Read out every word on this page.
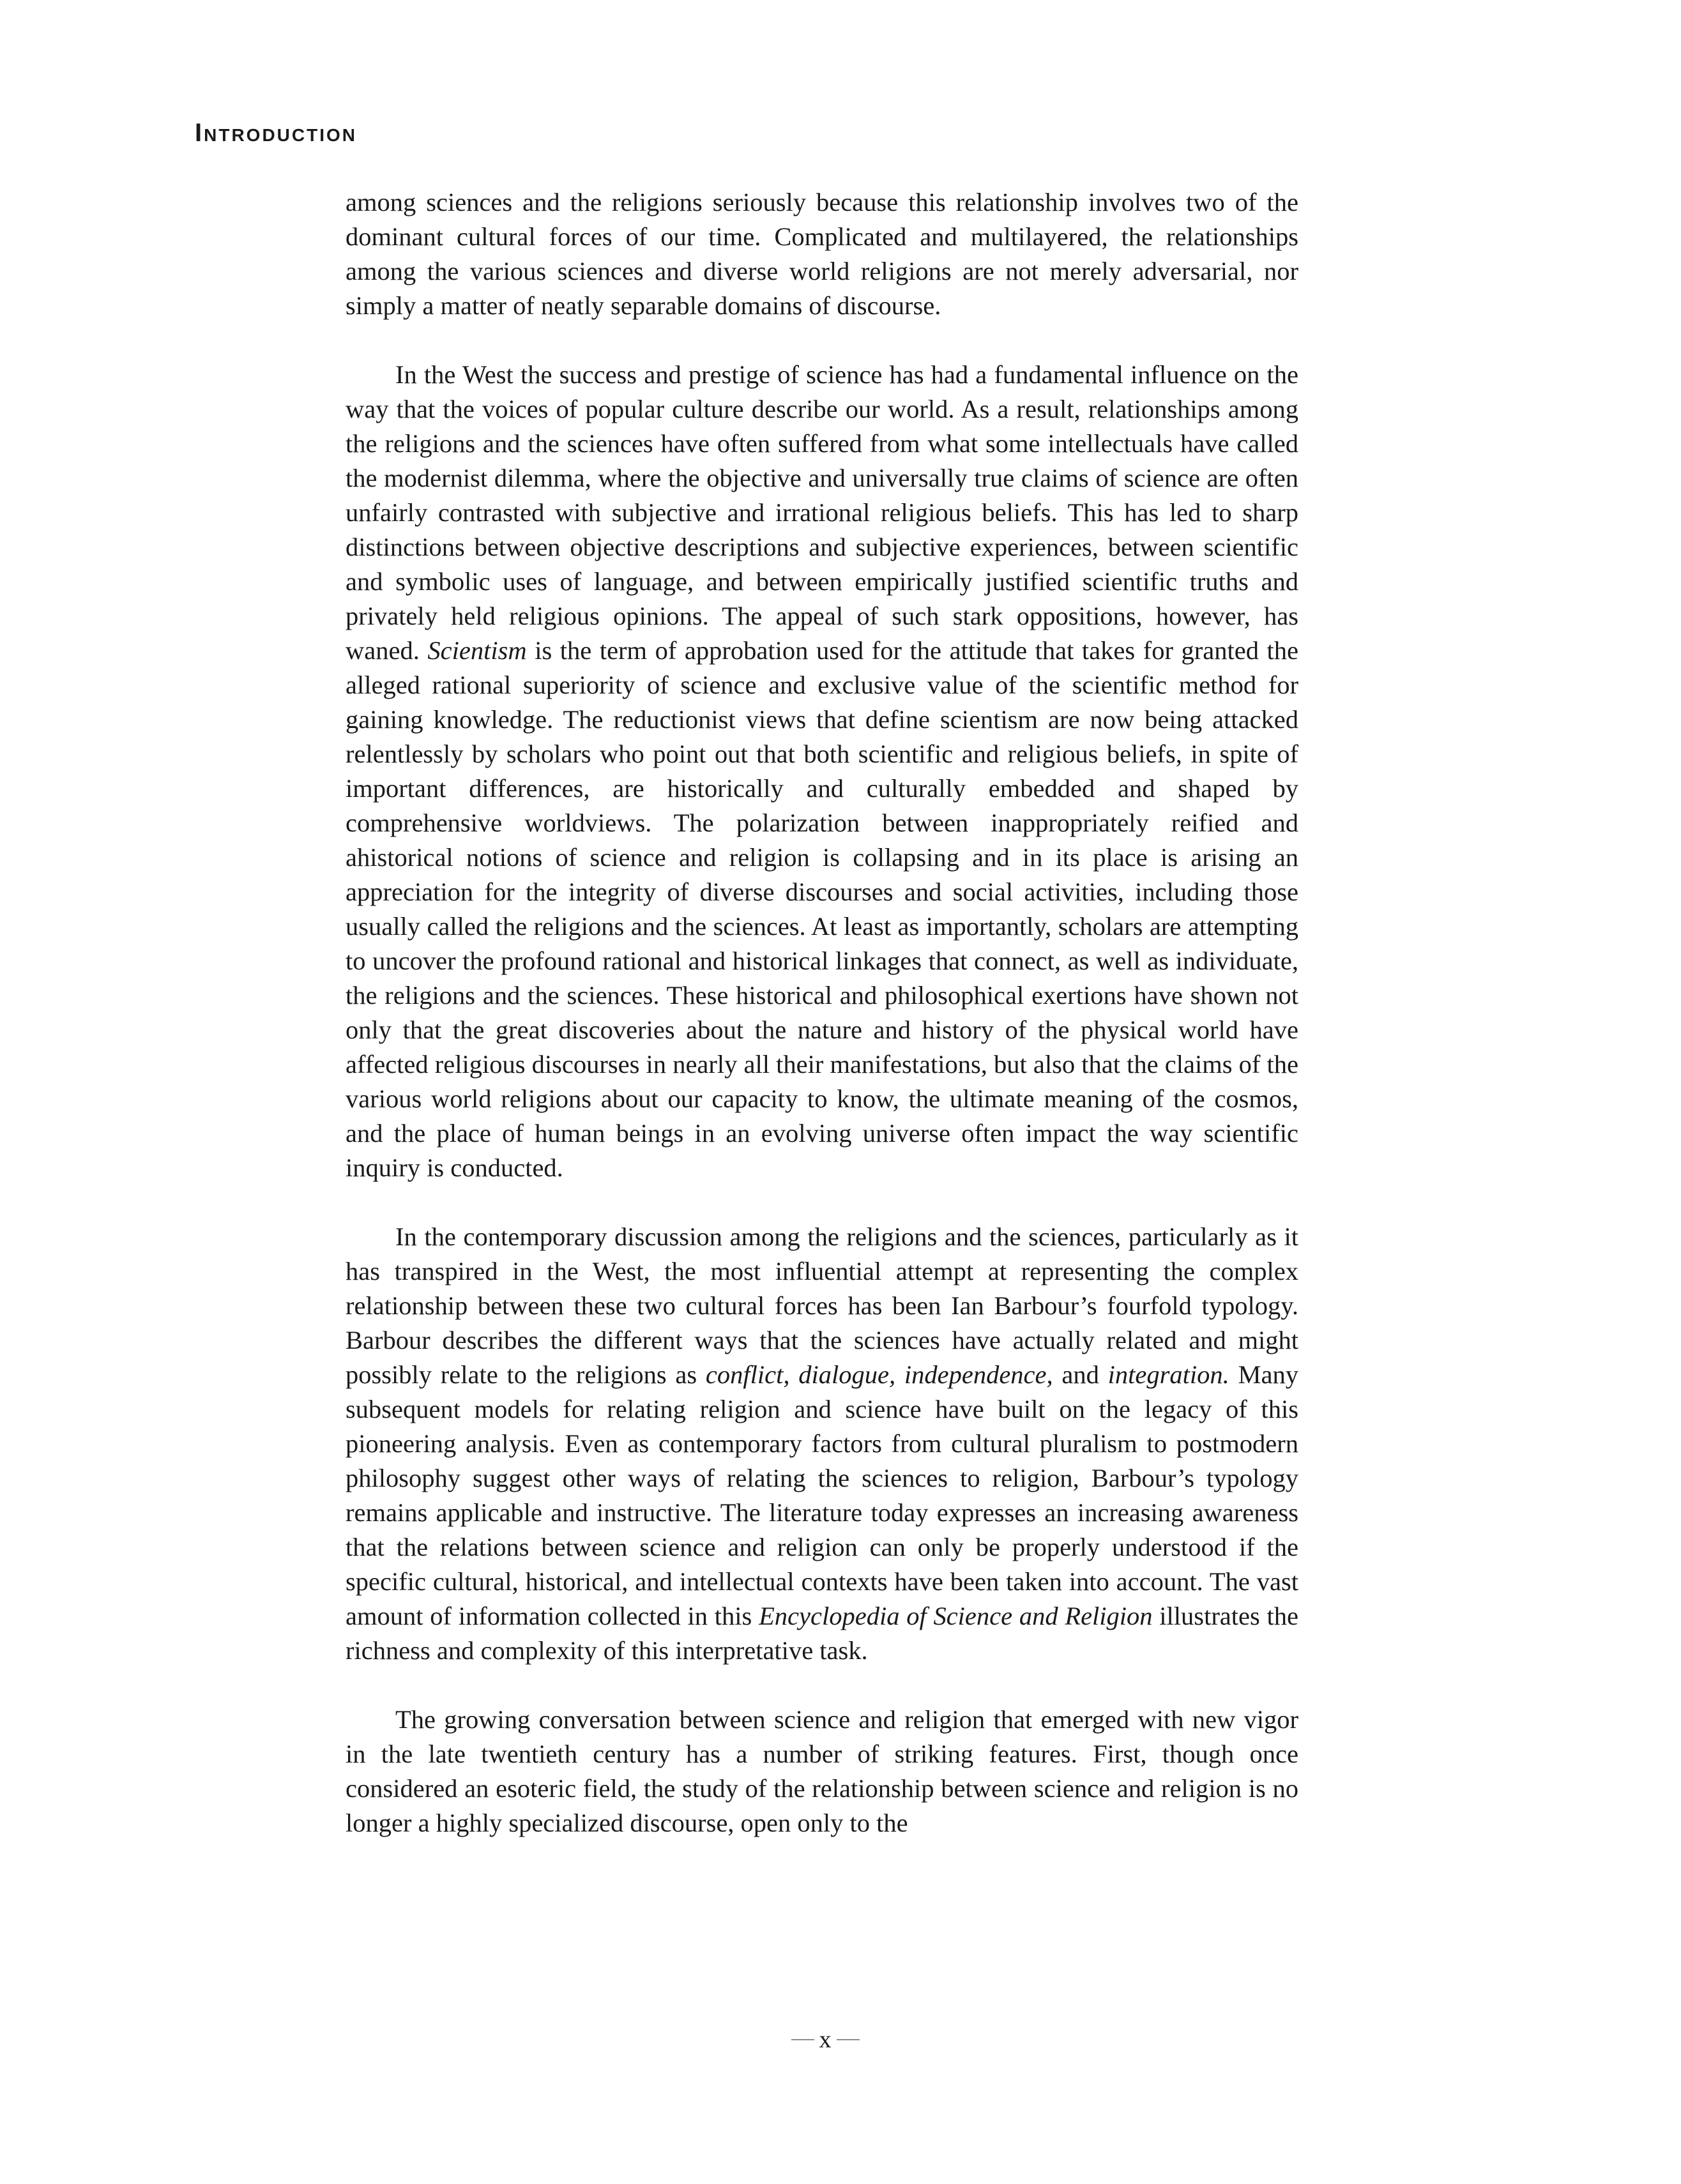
Introduction

among sciences and the religions seriously because this relationship involves two of the dominant cultural forces of our time. Complicated and multilayered, the relationships among the various sciences and diverse world religions are not merely adversarial, nor simply a matter of neatly separable domains of discourse.

In the West the success and prestige of science has had a fundamental influence on the way that the voices of popular culture describe our world. As a result, relationships among the religions and the sciences have often suffered from what some intellectuals have called the modernist dilemma, where the objective and universally true claims of science are often unfairly contrasted with subjective and irrational religious beliefs. This has led to sharp distinctions between objective descriptions and subjective experiences, between scientific and symbolic uses of language, and between empirically justified scientific truths and privately held religious opinions. The appeal of such stark oppositions, however, has waned. Scientism is the term of approbation used for the attitude that takes for granted the alleged rational superiority of science and exclusive value of the scientific method for gaining knowledge. The reductionist views that define scientism are now being attacked relentlessly by scholars who point out that both scientific and religious beliefs, in spite of important differences, are historically and culturally embedded and shaped by comprehensive worldviews. The polarization between inappropriately reified and ahistorical notions of science and religion is collapsing and in its place is arising an appreciation for the integrity of diverse discourses and social activities, including those usually called the religions and the sciences. At least as importantly, scholars are attempting to uncover the profound rational and historical linkages that connect, as well as individuate, the religions and the sciences. These historical and philosophical exertions have shown not only that the great discoveries about the nature and history of the physical world have affected religious discourses in nearly all their manifestations, but also that the claims of the various world religions about our capacity to know, the ultimate meaning of the cosmos, and the place of human beings in an evolving universe often impact the way scientific inquiry is conducted.

In the contemporary discussion among the religions and the sciences, particularly as it has transpired in the West, the most influential attempt at representing the complex relationship between these two cultural forces has been Ian Barbour’s fourfold typology. Barbour describes the different ways that the sciences have actually related and might possibly relate to the religions as conflict, dialogue, independence, and integration. Many subsequent models for relating religion and science have built on the legacy of this pioneering analysis. Even as contemporary factors from cultural pluralism to postmodern philosophy suggest other ways of relating the sciences to religion, Barbour’s typology remains applicable and instructive. The literature today expresses an increasing awareness that the relations between science and religion can only be properly understood if the specific cultural, historical, and intellectual contexts have been taken into account. The vast amount of information collected in this Encyclopedia of Science and Religion illustrates the richness and complexity of this interpretative task.

The growing conversation between science and religion that emerged with new vigor in the late twentieth century has a number of striking features. First, though once considered an esoteric field, the study of the relationship between science and religion is no longer a highly specialized discourse, open only to the

x
